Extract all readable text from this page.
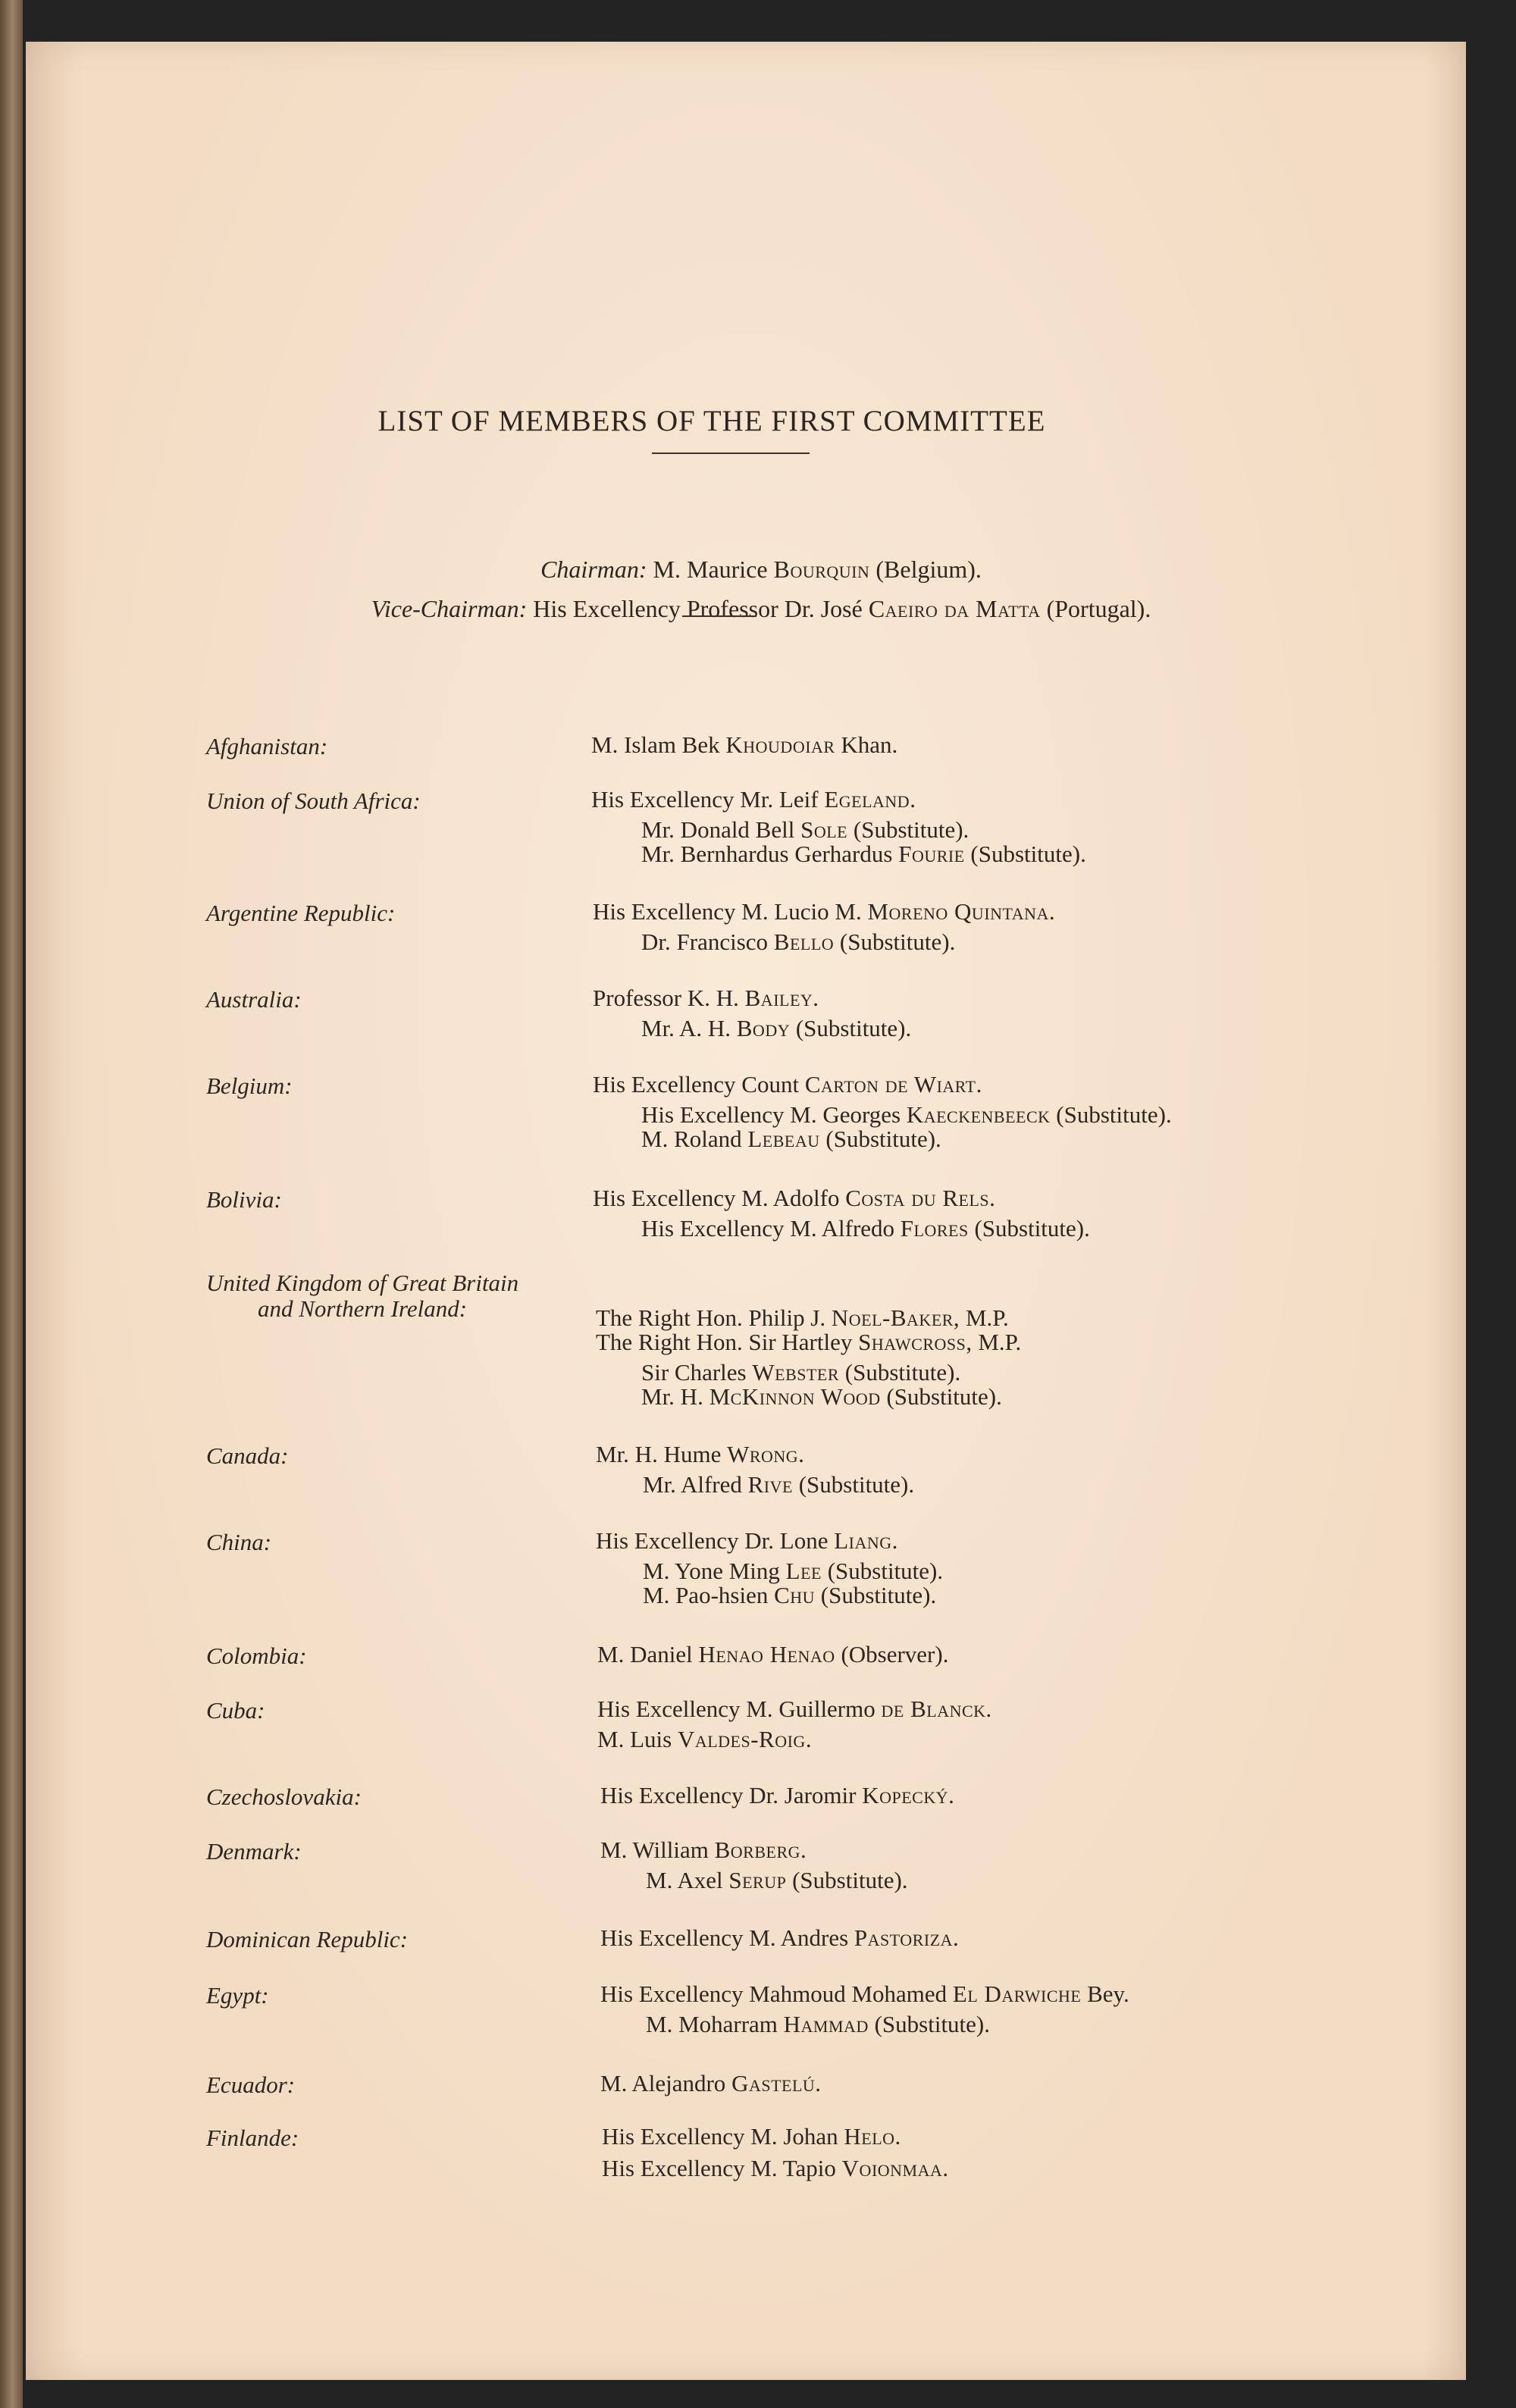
LIST OF MEMBERS OF THE FIRST COMMITTEE
Chairman: M. Maurice Bourquin (Belgium).
Vice-Chairman: His Excellency Professor Dr. José Caeiro da Matta (Portugal).
Afghanistan:	M. Islam Bek Khoudoiar Khan.
Union of South Africa:	His Excellency Mr. Leif Egeland.
Mr. Donald Bell Sole (Substitute).
Mr. Bernhardus Gerhardus Fourie (Substitute).
Argentine Republic:	His Excellency M. Lucio M. Moreno Quintana.
Dr. Francisco Bello (Substitute).
Australia:	Professor K. H. Bailey.
Mr. A. H. Body (Substitute).
Belgium:	His Excellency Count Carton de Wiart.
His Excellency M. Georges Kaeckenbeeck (Substitute).
M. Roland Lebeau (Substitute).
Bolivia:	His Excellency M. Adolfo Costa du Rels.
His Excellency M. Alfredo Flores (Substitute).
United Kingdom of Great Britain
and Northern Ireland:	The Right Hon. Philip J. Noel-Baker, M.P.
The Right Hon. Sir Hartley Shawcross, M.P.
Sir Charles Webster (Substitute).
Mr. H. McKinnon Wood (Substitute).
Canada:	Mr. H. Hume Wrong.
Mr. Alfred Rive (Substitute).
China:	His Excellency Dr. Lone Liang.
M. Yone Ming Lee (Substitute).
M. Pao-hsien Chu (Substitute).
Colombia:	M. Daniel Henao Henao (Observer).
Cuba:	His Excellency M. Guillermo de Blanck.
M. Luis Valdes-Roig.
Czechoslovakia:	His Excellency Dr. Jaromir Kopecký.
Denmark:	M. William Borberg.
M. Axel Serup (Substitute).
Dominican Republic:	His Excellency M. Andres Pastoriza.
Egypt:	His Excellency Mahmoud Mohamed El Darwiche Bey.
M. Moharram Hammad (Substitute).
Ecuador:	M. Alejandro Gastelú.
Finlande:	His Excellency M. Johan Helo.
His Excellency M. Tapio Voionmaa.
